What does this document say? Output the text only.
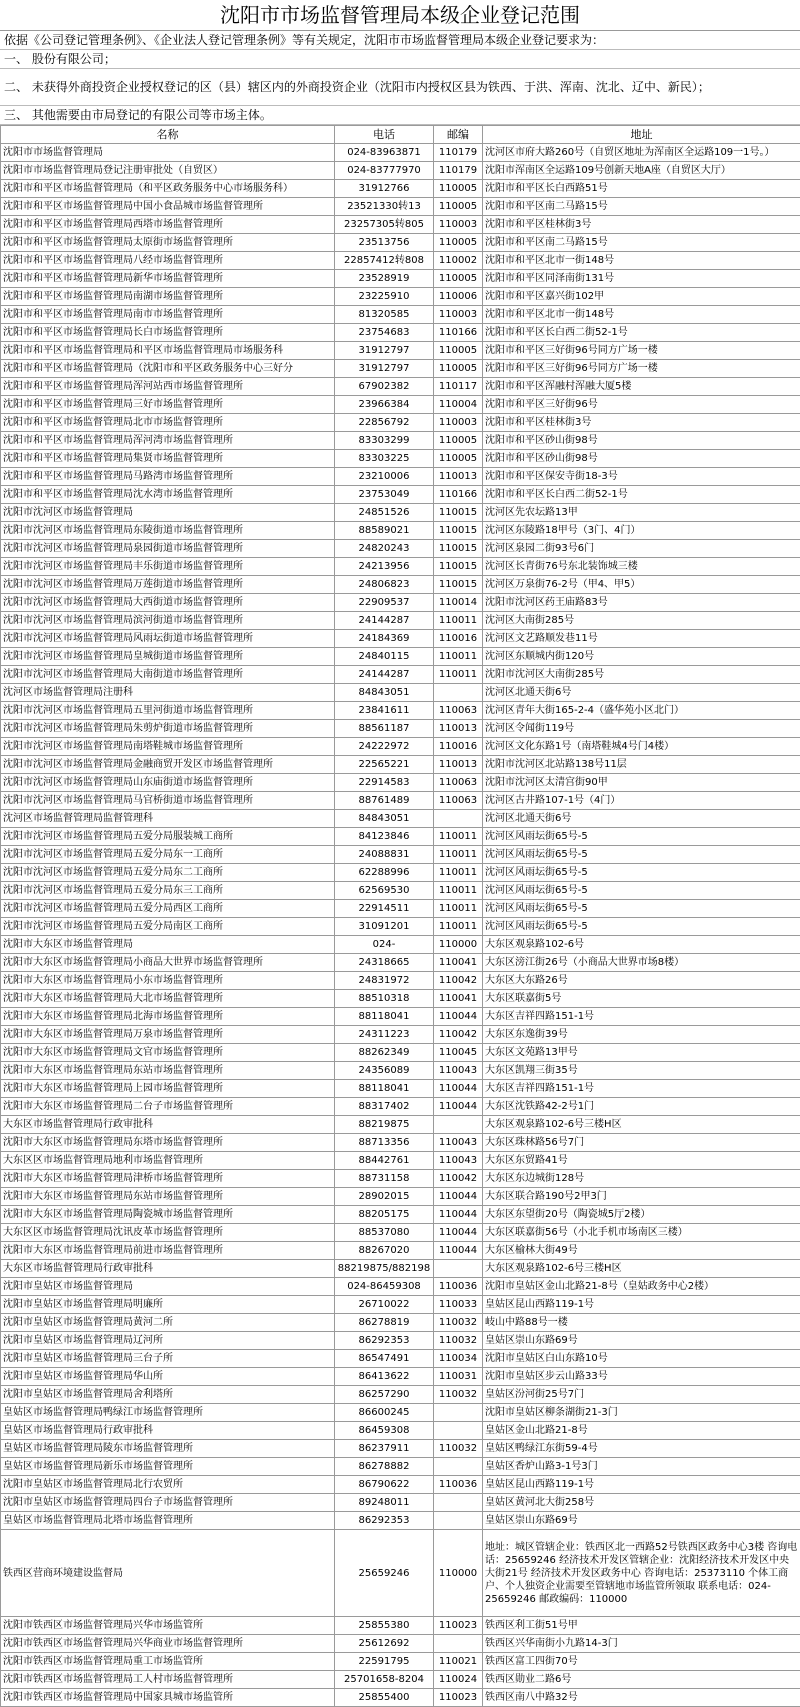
沈阳市市场监督管理局本级企业登记范围
依据《公司登记管理条例》、《企业法人登记管理条例》等有关规定，沈阳市市场监督管理局本级企业登记要求为：
一、 股份有限公司；
二、 未获得外商投资企业授权登记的区（县）辖区内的外商投资企业（沈阳市内授权区县为铁西、于洪、浑南、沈北、辽中、新民）；
三、 其他需要由市局登记的有限公司等市场主体。
名称	电话	邮编	地址
沈阳市市场监督管理局	024-83963871	110179	沈河区市府大路260号（自贸区地址为浑南区全运路109一1号。）
沈阳市市场监督管理局登记注册审批处（自贸区）	024-83777970	110179	沈阳市浑南区全运路109号创新天地A座（自贸区大厅）
沈阳市和平区市场监督管理局（和平区政务服务中心市场服务科）	31912766	110005	沈阳市和平区长白西路51号
沈阳市和平区市场监督管理局中国小食品城市场监督管理所	23521330转13	110005	沈阳市和平区南二马路15号
沈阳市和平区市场监督管理局西塔市场监督管理所	23257305转805	110003	沈阳市和平区桂林街3号
沈阳市和平区市场监督管理局太原街市场监督管理所	23513756	110005	沈阳市和平区南二马路15号
沈阳市和平区市场监督管理局八经市场监督管理所	22857412转808	110002	沈阳市和平区北市一街148号
沈阳市和平区市场监督管理局新华市场监督管理所	23528919	110005	沈阳市和平区同泽南街131号
沈阳市和平区市场监督管理局南湖市场监督管理所	23225910	110006	沈阳市和平区嘉兴街102甲
沈阳市和平区市场监督管理局南市市场监督管理所	81320585	110003	沈阳市和平区北市一街148号
沈阳市和平区市场监督管理局长白市场监督管理所	23754683	110166	沈阳市和平区长白西二街52-1号
沈阳市和平区市场监督管理局和平区市场监督管理局市场服务科	31912797	110005	沈阳市和平区三好街96号同方广场一楼
沈阳市和平区市场监督管理局（沈阳市和平区政务服务中心三好分	31912797	110005	沈阳市和平区三好街96号同方广场一楼
沈阳市和平区市场监督管理局浑河站西市场监督管理所	67902382	110117	沈阳市和平区浑融村浑融大厦5楼
沈阳市和平区市场监督管理局三好市场监督管理所	23966384	110004	沈阳市和平区三好街96号
沈阳市和平区市场监督管理局北市市场监督管理所	22856792	110003	沈阳市和平区桂林街3号
沈阳市和平区市场监督管理局浑河湾市场监督管理所	83303299	110005	沈阳市和平区砂山街98号
沈阳市和平区市场监督管理局集贤市场监督管理所	83303225	110005	沈阳市和平区砂山街98号
沈阳市和平区市场监督管理局马路湾市场监督管理所	23210006	110013	沈阳市和平区保安寺街18-3号
沈阳市和平区市场监督管理局沈水湾市场监督管理所	23753049	110166	沈阳市和平区长白西二街52-1号
沈阳市沈河区市场监督管理局	24851526	110015	沈河区先农坛路13甲
沈阳市沈河区市场监督管理局东陵街道市场监督管理所	88589021	110015	沈河区东陵路18甲号（3门、4门）
沈阳市沈河区市场监督管理局泉园街道市场监督管理所	24820243	110015	沈河区泉园二街93号6门
沈阳市沈河区市场监督管理局丰乐街道市场监督管理所	24213956	110015	沈河区长青街76号东北装饰城三楼
沈阳市沈河区市场监督管理局万莲街道市场监督管理所	24806823	110015	沈河区万泉街76-2号（甲4、甲5）
沈阳市沈河区市场监督管理局大西街道市场监督管理所	22909537	110014	沈阳市沈河区药王庙路83号
沈阳市沈河区市场监督管理局滨河街道市场监督管理所	24144287	110011	沈河区大南街285号
沈阳市沈河区市场监督管理局风雨坛街道市场监督管理所	24184369	110016	沈河区文艺路顺发巷11号
沈阳市沈河区市场监督管理局皇城街道市场监督管理所	24840115	110011	沈河区东顺城内街120号
沈阳市沈河区市场监督管理局大南街道市场监督管理所	24144287	110011	沈阳市沈河区大南街285号
沈河区市场监督管理局注册科	84843051		沈河区北通天街6号
沈阳市沈河区市场监督管理局五里河街道市场监督管理所	23841611	110063	沈河区青年大街165-2-4（盛华苑小区北门）
沈阳市沈河区市场监督管理局朱剪炉街道市场监督管理所	88561187	110013	沈河区令闻街119号
沈阳市沈河区市场监督管理局南塔鞋城市场监督管理所	24222972	110016	沈河区文化东路1号（南塔鞋城4号门4楼）
沈阳市沈河区市场监督管理局金融商贸开发区市场监督管理所	22565221	110013	沈阳市沈河区北站路138号11层
沈阳市沈河区市场监督管理局山东庙街道市场监督管理所	22914583	110063	沈阳市沈河区太清宫街90甲
沈阳市沈河区市场监督管理局马官桥街道市场监督管理所	88761489	110063	沈河区古井路107-1号（4门）
沈河区市场监督管理局监督管理科	84843051		沈河区北通天街6号
沈阳市沈河区市场监督管理局五爱分局服装城工商所	84123846	110011	沈河区风雨坛街65号-5
沈阳市沈河区市场监督管理局五爱分局东一工商所	24088831	110011	沈河区风雨坛街65号-5
沈阳市沈河区市场监督管理局五爱分局东二工商所	62288996	110011	沈河区风雨坛街65号-5
沈阳市沈河区市场监督管理局五爱分局东三工商所	62569530	110011	沈河区风雨坛街65号-5
沈阳市沈河区市场监督管理局五爱分局西区工商所	22914511	110011	沈河区风雨坛街65号-5
沈阳市沈河区市场监督管理局五爱分局南区工商所	31091201	110011	沈河区风雨坛街65号-5
沈阳市大东区市场监督管理局	024-	110000	大东区观泉路102-6号
沈阳市大东区市场监督管理局小商品大世界市场监督管理所	24318665	110041	大东区滂江街26号（小商品大世界市场8楼）
沈阳市大东区市场监督管理局小东市场监督管理所	24831972	110042	大东区大东路26号
沈阳市大东区市场监督管理局大北市场监督管理所	88510318	110041	大东区联嘉街5号
沈阳市大东区市场监督管理局北海市场监督管理所	88118041	110044	大东区吉祥四路151-1号
沈阳市大东区市场监督管理局万泉市场监督管理所	24311223	110042	大东区东逸街39号
沈阳市大东区市场监督管理局文官市场监督管理所	88262349	110045	大东区文苑路13甲号
沈阳市大东区市场监督管理局东站市场监督管理所	24356089	110043	大东区凯翔三街35号
沈阳市大东区市场监督管理局上园市场监督管理所	88118041	110044	大东区吉祥四路151-1号
沈阳市大东区市场监督管理局二台子市场监督管理所	88317402	110044	大东区沈铁路42-2号1门
大东区市场监督管理局行政审批科	88219875		大东区观泉路102-6号三楼H区
沈阳市大东区市场监督管理局东塔市场监督管理所	88713356	110043	大东区珠林路56号7门
大东区区市场监督管理局地利市场监督管理所	88442761	110043	大东区东贸路41号
沈阳市大东区市场监督管理局津桥市场监督管理所	88731158	110042	大东区东边城街128号
沈阳市大东区市场监督管理局东站市场监督管理所	28902015	110044	大东区联合路190号2甲3门
沈阳市大东区市场监督管理局陶瓷城市场监督管理所	88205175	110044	大东区东望街20号（陶瓷城5厅2楼）
大东区区市场监督管理局沈讯皮革市场监督管理所	88537080	110044	大东区联嘉街56号（小北手机市场南区三楼）
沈阳市大东区市场监督管理局前进市场监督管理所	88267020	110044	大东区榆林大街49号
大东区市场监督管理局行政审批科	88219875/882198		大东区观泉路102-6号三楼H区
沈阳市皇姑区市场监督管理局	024-86459308	110036	沈阳市皇姑区金山北路21-8号（皇姑政务中心2楼）
沈阳市皇姑区市场监督管理局明廉所	26710022	110033	皇姑区昆山西路119-1号
沈阳市皇姑区市场监督管理局黄河二所	86278819	110032	岐山中路88号一楼
沈阳市皇姑区市场监督管理局辽河所	86292353	110032	皇姑区崇山东路69号
沈阳市皇姑区市场监督管理局三台子所	86547491	110034	沈阳市皇姑区白山东路10号
沈阳市皇姑区市场监督管理局华山所	86413622	110031	沈阳市皇姑区步云山路33号
沈阳市皇姑区市场监督管理局舍利塔所	86257290	110032	皇姑区汾河街25号7门
皇姑区市场监督管理局鸭绿江市场监督管理所	86600245		沈阳市皇姑区柳条湖街21-3门
皇姑区市场监督管理局行政审批科	86459308		皇姑区金山北路21-8号
皇姑区市场监督管理局陵东市场监督管理所	86237911	110032	皇姑区鸭绿江东街59-4号
皇姑区市场监督管理局新乐市场监督管理所	86278882		皇姑区香炉山路3-1号3门
沈阳市皇姑区市场监督管理局北行农贸所	86790622	110036	皇姑区昆山西路119-1号
沈阳市皇姑区市场监督管理局四台子市场监督管理所	89248011		皇姑区黄河北大街258号
皇姑区市场监督管理局北塔市场监督管理所	86292353		皇姑区崇山东路69号
铁西区营商环境建设监督局	25659246	110000	地址：城区管辖企业：铁西区北一西路52号铁西区政务中心3楼 咨询电话：25659246 经济技术开发区管辖企业：沈阳经济技术开发区中央大街21号 经济技术开发区政务中心 咨询电话：25373110 个体工商户、个人独资企业需要至管辖地市场监管所领取 联系电话：024-25659246 邮政编码：110000
沈阳市铁西区市场监督管理局兴华市场监管所	25855380	110023	铁西区利工街51号甲
沈阳市铁西区市场监督管理局兴华商业市场监督管理所	25612692		铁西区兴华南街小九路14-3门
沈阳市铁西区市场监督管理局重工市场监管所	22591795	110021	铁西区富工四街70号
沈阳市铁西区市场监督管理局工人村市场监督管理所	25701658-8204	110024	铁西区勋业二路6号
沈阳市铁西区市场监督管理局中国家具城市场监管所	25855400	110023	铁西区南八中路32号
